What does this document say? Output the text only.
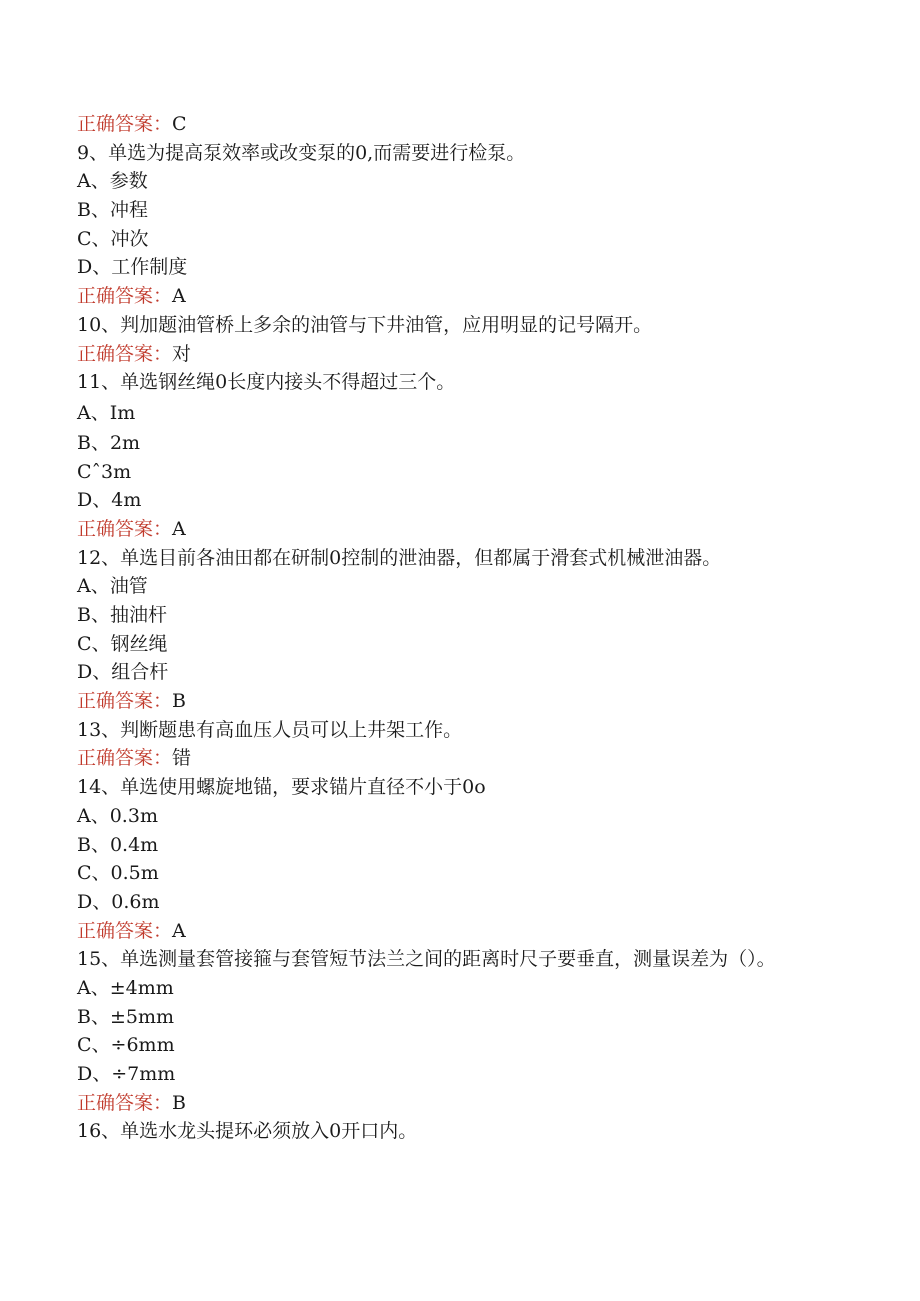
正确答案：C
9、单选为提高泵效率或改变泵的0,而需要进行检泵。
A、参数
B、冲程
C、冲次
D、工作制度
正确答案：A
10、判加题油管桥上多余的油管与下井油管，应用明显的记号隔开。
正确答案：对
11、单选钢丝绳0长度内接头不得超过三个。
A、Im
B、2m
Cˆ3m
D、4m
正确答案：A
12、单选目前各油田都在研制0控制的泄油器，但都属于滑套式机械泄油器。
A、油管
B、抽油杆
C、钢丝绳
D、组合杆
正确答案：B
13、判断题患有高血压人员可以上井架工作。
正确答案：错
14、单选使用螺旋地锚，要求锚片直径不小于0o
A、0.3m
B、0.4m
C、0.5m
D、0.6m
正确答案：A
15、单选测量套管接箍与套管短节法兰之间的距离时尺子要垂直，测量误差为（）。
A、±4mm
B、±5mm
C、÷6mm
D、÷7mm
正确答案：B
16、单选水龙头提环必须放入0开口内。
